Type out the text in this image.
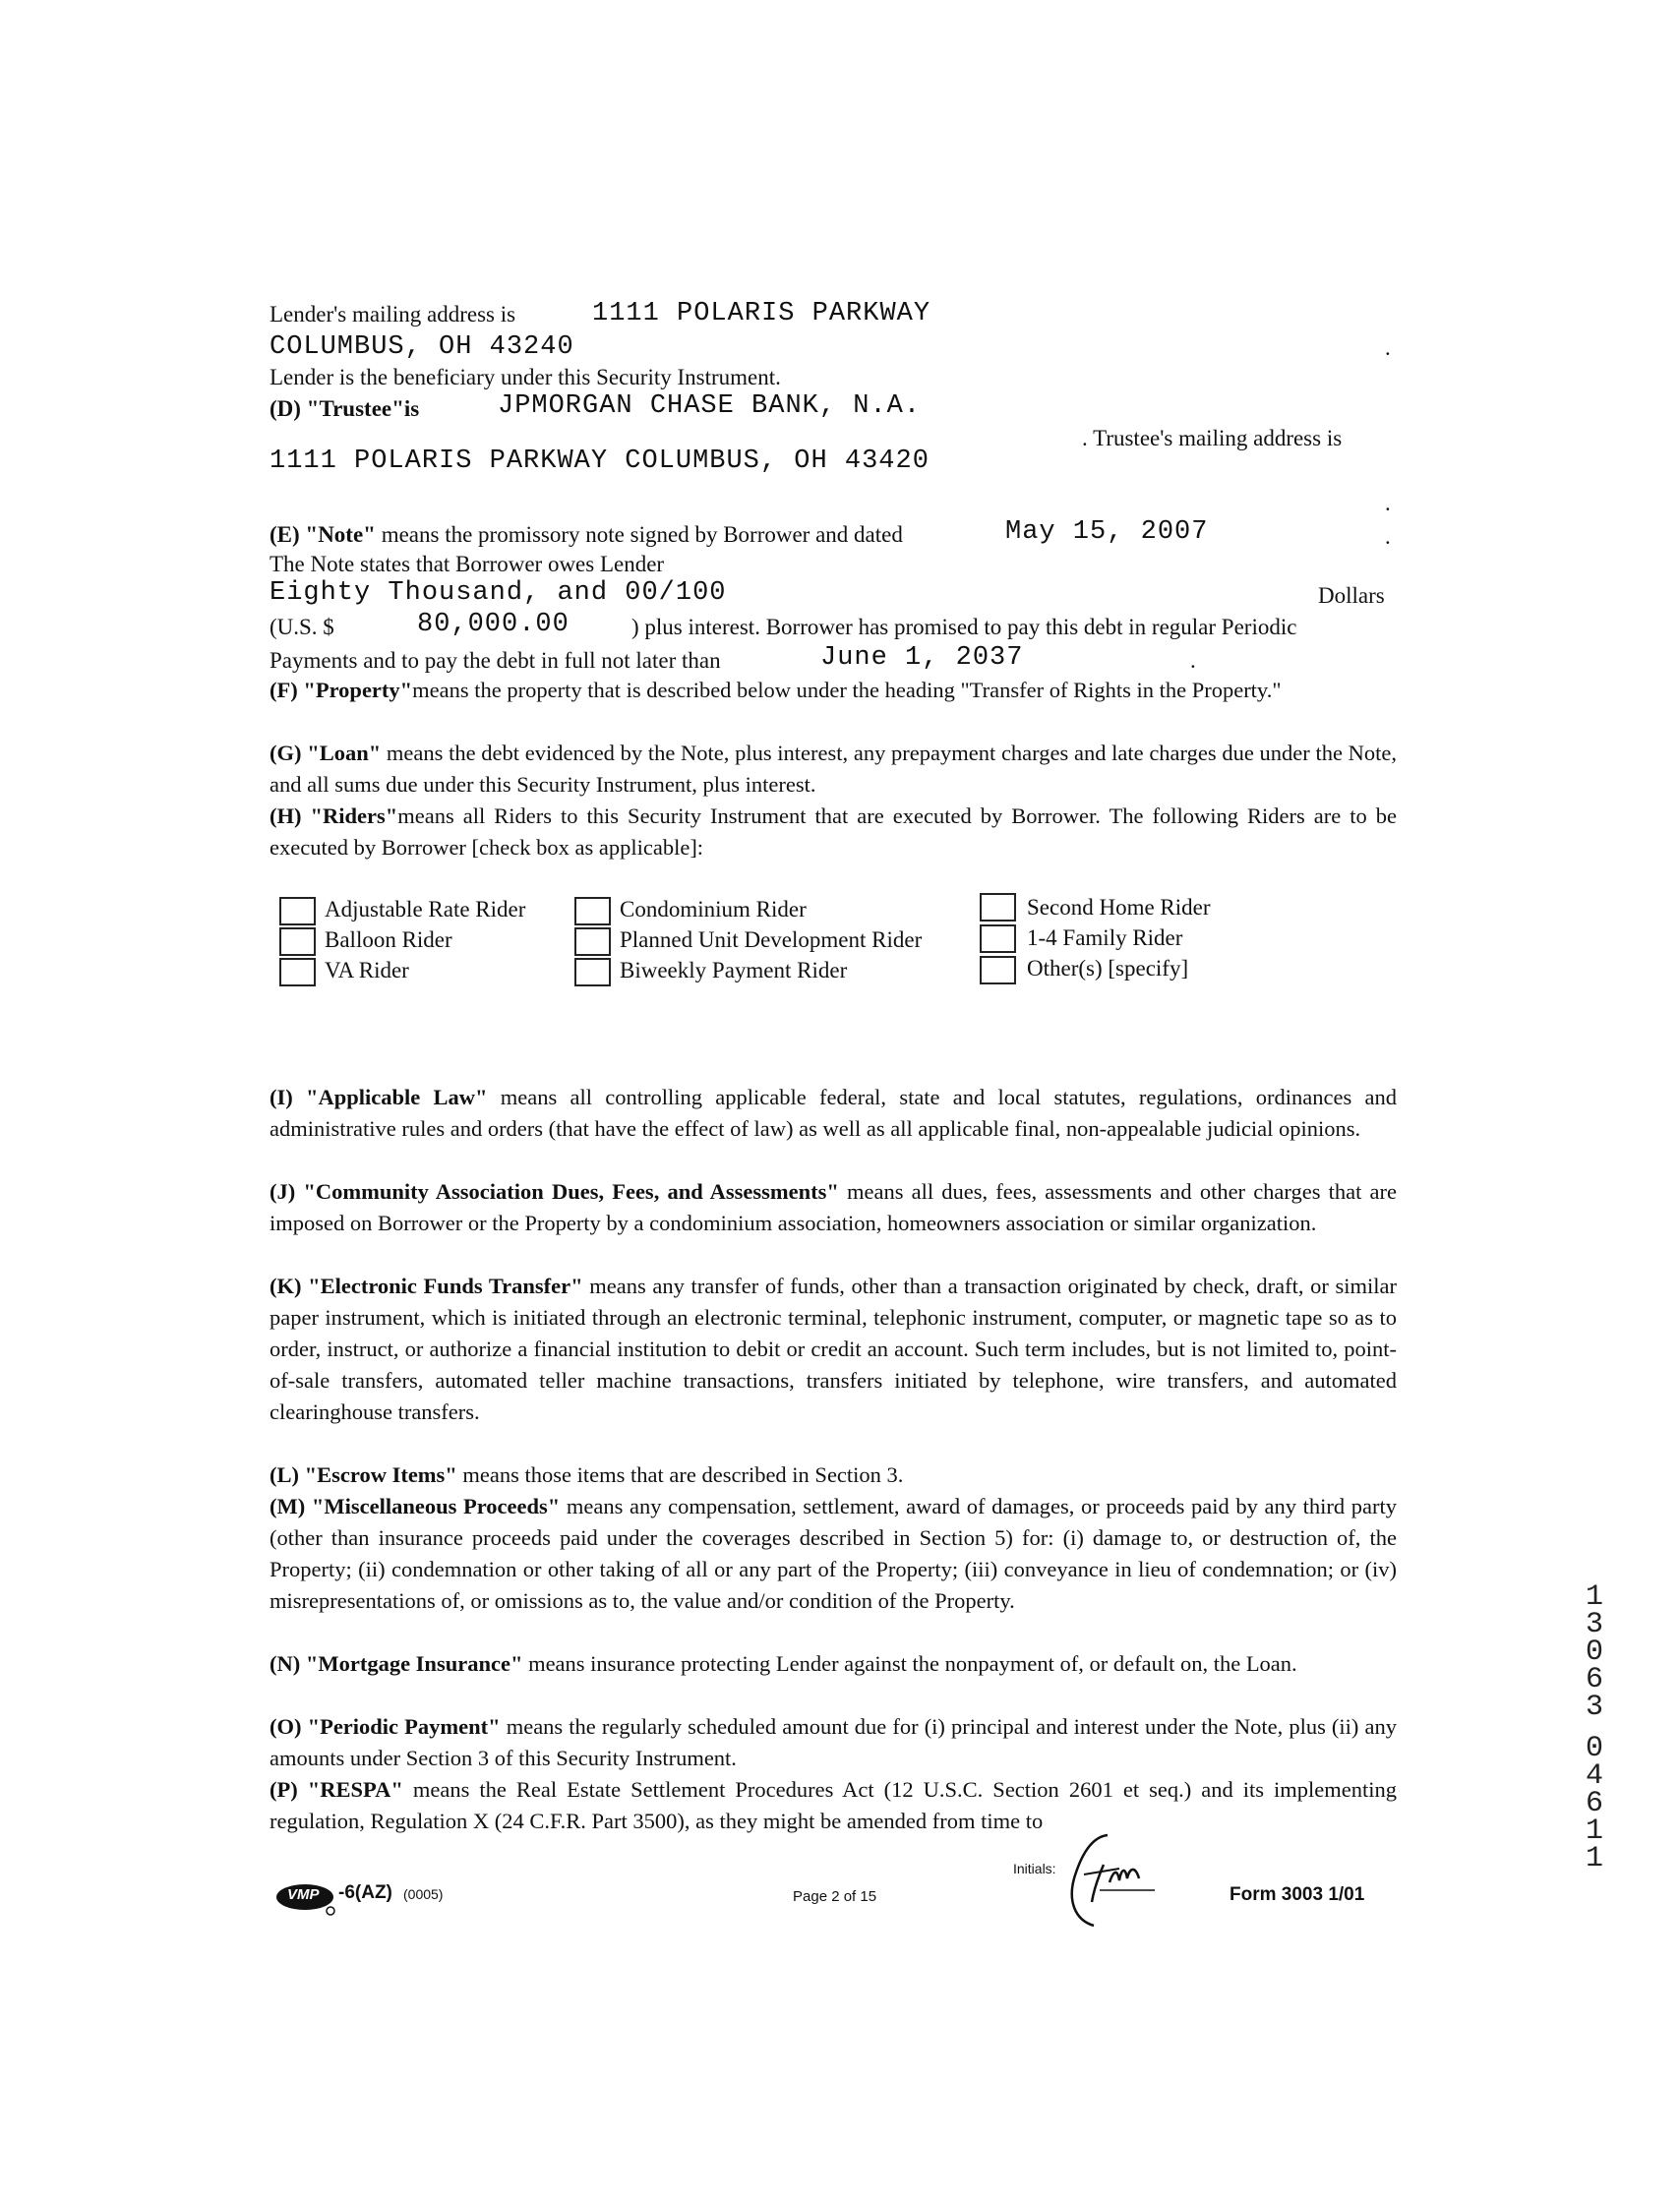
Lender's mailing address is	1111 POLARIS PARKWAY
COLUMBUS, OH 43240	.
Lender is the beneficiary under this Security Instrument.
(D) "Trustee"is	JPMORGAN CHASE BANK, N.A.
. Trustee's mailing address is
1111 POLARIS PARKWAY COLUMBUS, OH 43420
.
(E) "Note" means the promissory note signed by Borrower and dated	May 15, 2007	.
The Note states that Borrower owes Lender
Eighty Thousand, and 00/100	Dollars
(U.S. $	80,000.00	) plus interest. Borrower has promised to pay this debt in regular Periodic
Payments and to pay the debt in full not later than	June 1, 2037	.
(F) "Property"means the property that is described below under the heading "Transfer of Rights in the Property."
(G) "Loan" means the debt evidenced by the Note, plus interest, any prepayment charges and late charges due under the Note, and all sums due under this Security Instrument, plus interest.
(H) "Riders"means all Riders to this Security Instrument that are executed by Borrower. The following Riders are to be executed by Borrower [check box as applicable]:
Adjustable Rate Rider
Balloon Rider
VA Rider
Condominium Rider
Planned Unit Development Rider
Biweekly Payment Rider
Second Home Rider
1-4 Family Rider
Other(s) [specify]
(I) "Applicable Law" means all controlling applicable federal, state and local statutes, regulations, ordinances and administrative rules and orders (that have the effect of law) as well as all applicable final, non-appealable judicial opinions.
(J) "Community Association Dues, Fees, and Assessments" means all dues, fees, assessments and other charges that are imposed on Borrower or the Property by a condominium association, homeowners association or similar organization.
(K) "Electronic Funds Transfer" means any transfer of funds, other than a transaction originated by check, draft, or similar paper instrument, which is initiated through an electronic terminal, telephonic instrument, computer, or magnetic tape so as to order, instruct, or authorize a financial institution to debit or credit an account. Such term includes, but is not limited to, point-of-sale transfers, automated teller machine transactions, transfers initiated by telephone, wire transfers, and automated clearinghouse transfers.
(L) "Escrow Items" means those items that are described in Section 3.
(M) "Miscellaneous Proceeds" means any compensation, settlement, award of damages, or proceeds paid by any third party (other than insurance proceeds paid under the coverages described in Section 5) for: (i) damage to, or destruction of, the Property; (ii) condemnation or other taking of all or any part of the Property; (iii) conveyance in lieu of condemnation; or (iv) misrepresentations of, or omissions as to, the value and/or condition of the Property.
(N) "Mortgage Insurance" means insurance protecting Lender against the nonpayment of, or default on, the Loan.
(O) "Periodic Payment" means the regularly scheduled amount due for (i) principal and interest under the Note, plus (ii) any amounts under Section 3 of this Security Instrument.
(P) "RESPA" means the Real Estate Settlement Procedures Act (12 U.S.C. Section 2601 et seq.) and its implementing regulation, Regulation X (24 C.F.R. Part 3500), as they might be amended from time to
VMP -6(AZ) (0005)	Page 2 of 15
Initials:
Form 3003 1/01
1
3
0
6
3
0
4
6
1
1
